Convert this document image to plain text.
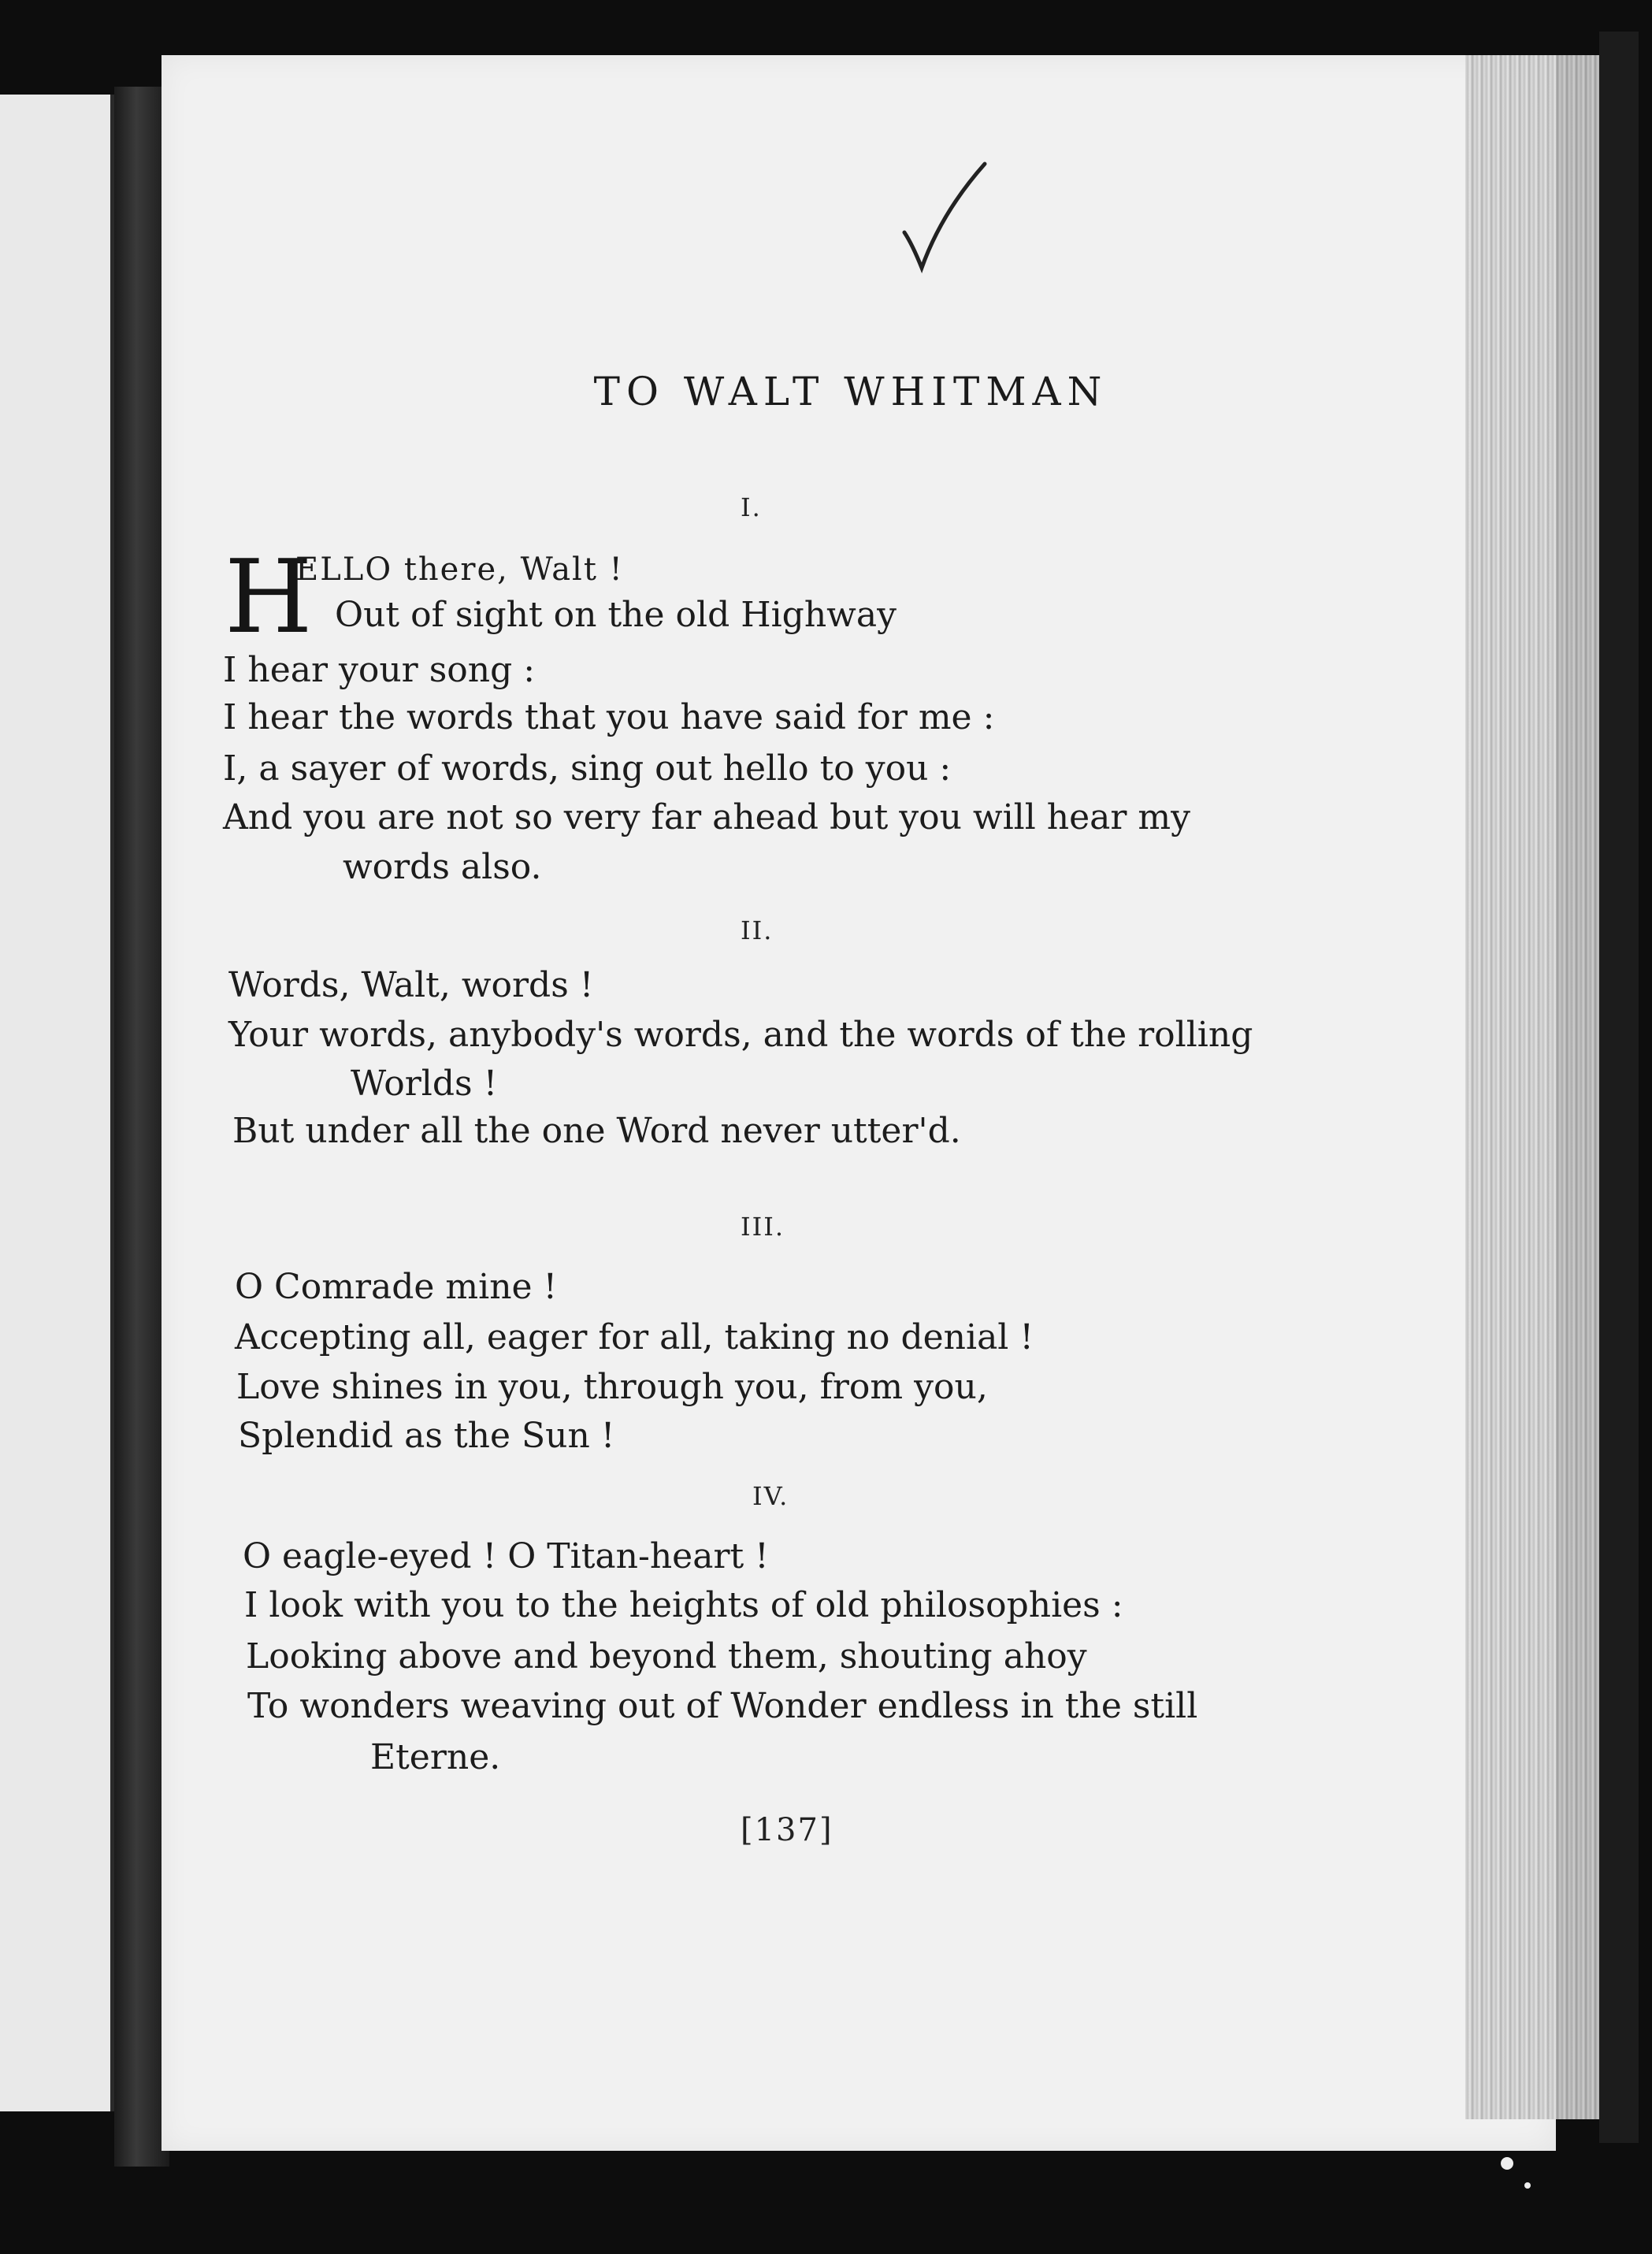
TO WALT WHITMAN
I.
H
ELLO there, Walt !
Out of sight on the old Highway
I hear your song :
I hear the words that you have said for me :
I, a sayer of words, sing out hello to you :
And you are not so very far ahead but you will hear my
words also.
II.
Words, Walt, words !
Your words, anybody's words, and the words of the rolling
Worlds !
But under all the one Word never utter'd.
III.
O Comrade mine !
Accepting all, eager for all, taking no denial !
Love shines in you, through you, from you,
Splendid as the Sun !
IV.
O eagle-eyed ! O Titan-heart !
I look with you to the heights of old philosophies :
Looking above and beyond them, shouting ahoy
To wonders weaving out of Wonder endless in the still
Eterne.
[137]
